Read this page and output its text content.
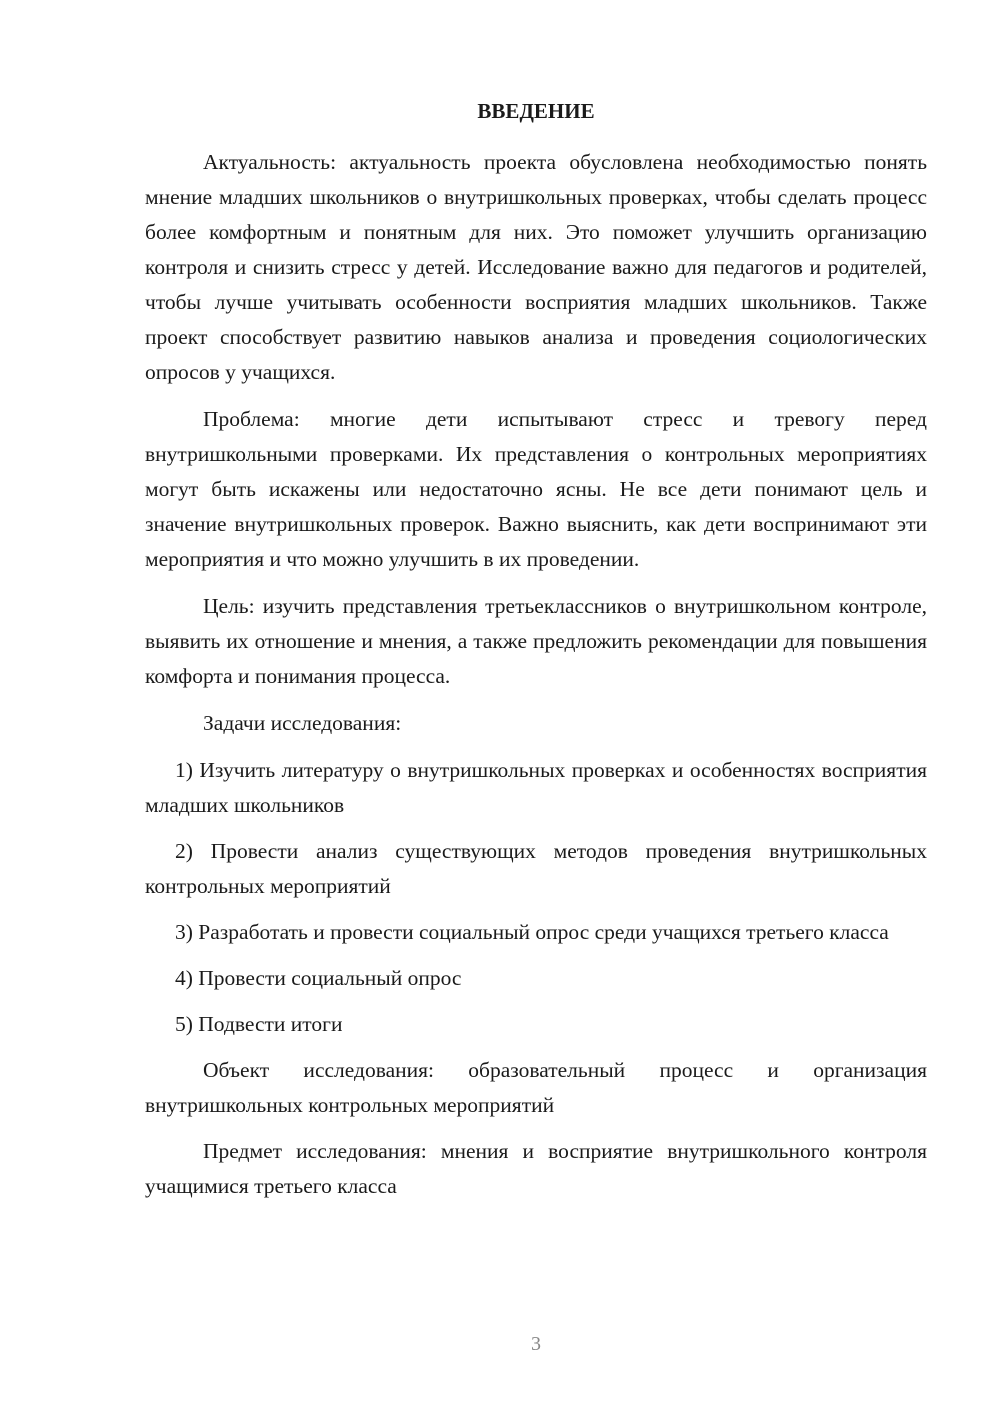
ВВЕДЕНИЕ

Актуальность: актуальность проекта обусловлена необходимостью понять мнение младших школьников о внутришкольных проверках, чтобы сделать процесс более комфортным и понятным для них. Это поможет улучшить организацию контроля и снизить стресс у детей. Исследование важно для педагогов и родителей, чтобы лучше учитывать особенности восприятия младших школьников. Также проект способствует развитию навыков анализа и проведения социологических опросов у учащихся.

Проблема: многие дети испытывают стресс и тревогу перед внутришкольными проверками. Их представления о контрольных мероприятиях могут быть искажены или недостаточно ясны. Не все дети понимают цель и значение внутришкольных проверок. Важно выяснить, как дети воспринимают эти мероприятия и что можно улучшить в их проведении.

Цель: изучить представления третьеклассников о внутришкольном контроле, выявить их отношение и мнения, а также предложить рекомендации для повышения комфорта и понимания процесса.

Задачи исследования:

1) Изучить литературу о внутришкольных проверках и особенностях восприятия младших школьников

2) Провести анализ существующих методов проведения внутришкольных контрольных мероприятий

3) Разработать и провести социальный опрос среди учащихся третьего класса

4) Провести социальный опрос

5) Подвести итоги

Объект исследования: образовательный процесс и организация внутришкольных контрольных мероприятий

Предмет исследования: мнения и восприятие внутришкольного контроля учащимися третьего класса

3
